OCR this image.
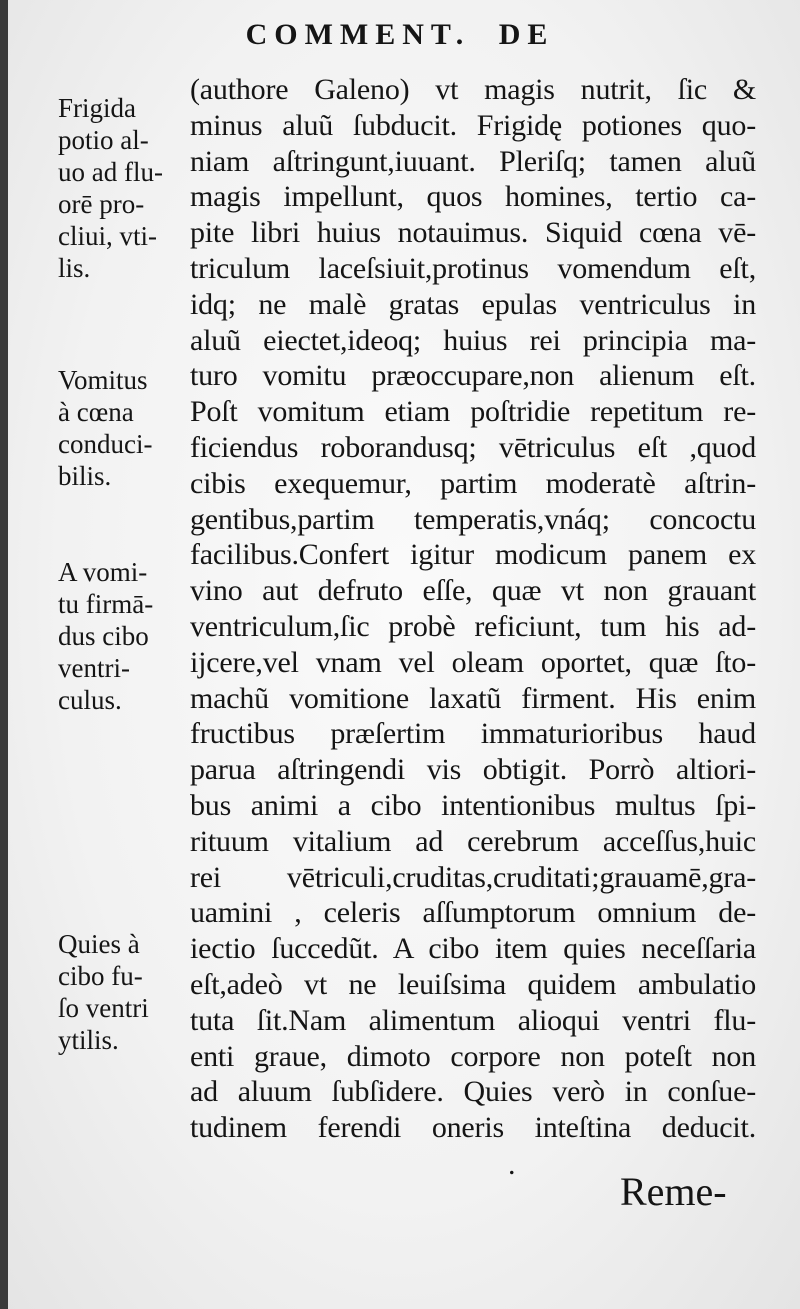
COMMENT. DE
Frigida
potio al-
uo ad flu-
orē pro-
cliui, vti-
lis.
Vomitus
à cœna
conduci-
bilis.
A vomi-
tu firmā-
dus cibo
ventri-
culus.
Quies à
cibo fu-
ſo ventri
ytilis.
(authore Galeno) vt magis nutrit, ſic &
minus aluũ ſubducit. Frigidę potiones quo-
niam aſtringunt,iuuant. Pleriſq; tamen aluũ
magis impellunt, quos homines, tertio ca-
pite libri huius notauimus. Siquid cœna vē-
triculum laceſsiuit,protinus vomendum eſt,
idq; ne malè gratas epulas ventriculus in
aluũ eiectet,ideoq; huius rei principia ma-
turo vomitu præoccupare,non alienum eſt.
Poſt vomitum etiam poſtridie repetitum re-
ficiendus roborandusq; vētriculus eſt ,quod
cibis exequemur, partim moderatè aſtrin-
gentibus,partim temperatis,vnáq; concoctu
facilibus.Confert igitur modicum panem ex
vino aut defruto eſſe, quæ vt non grauant
ventriculum,ſic probè reficiunt, tum his ad-
ijcere,vel vnam vel oleam oportet, quæ ſto-
machũ vomitione laxatũ firment. His enim
fructibus præſertim immaturioribus haud
parua aſtringendi vis obtigit. Porrò altiori-
bus animi a cibo intentionibus multus ſpi-
rituum vitalium ad cerebrum acceſſus,huic
rei vētriculi,cruditas,cruditati;grauamē,gra-
uamini , celeris aſſumptorum omnium de-
iectio ſuccedũt. A cibo item quies neceſſaria
eſt,adeò vt ne leuiſsima quidem ambulatio
tuta ſit.Nam alimentum alioqui ventri flu-
enti graue, dimoto corpore non poteſt non
ad aluum ſubſidere. Quies verò in conſue-
tudinem ferendi oneris inteſtina deducit.
.
Reme-
